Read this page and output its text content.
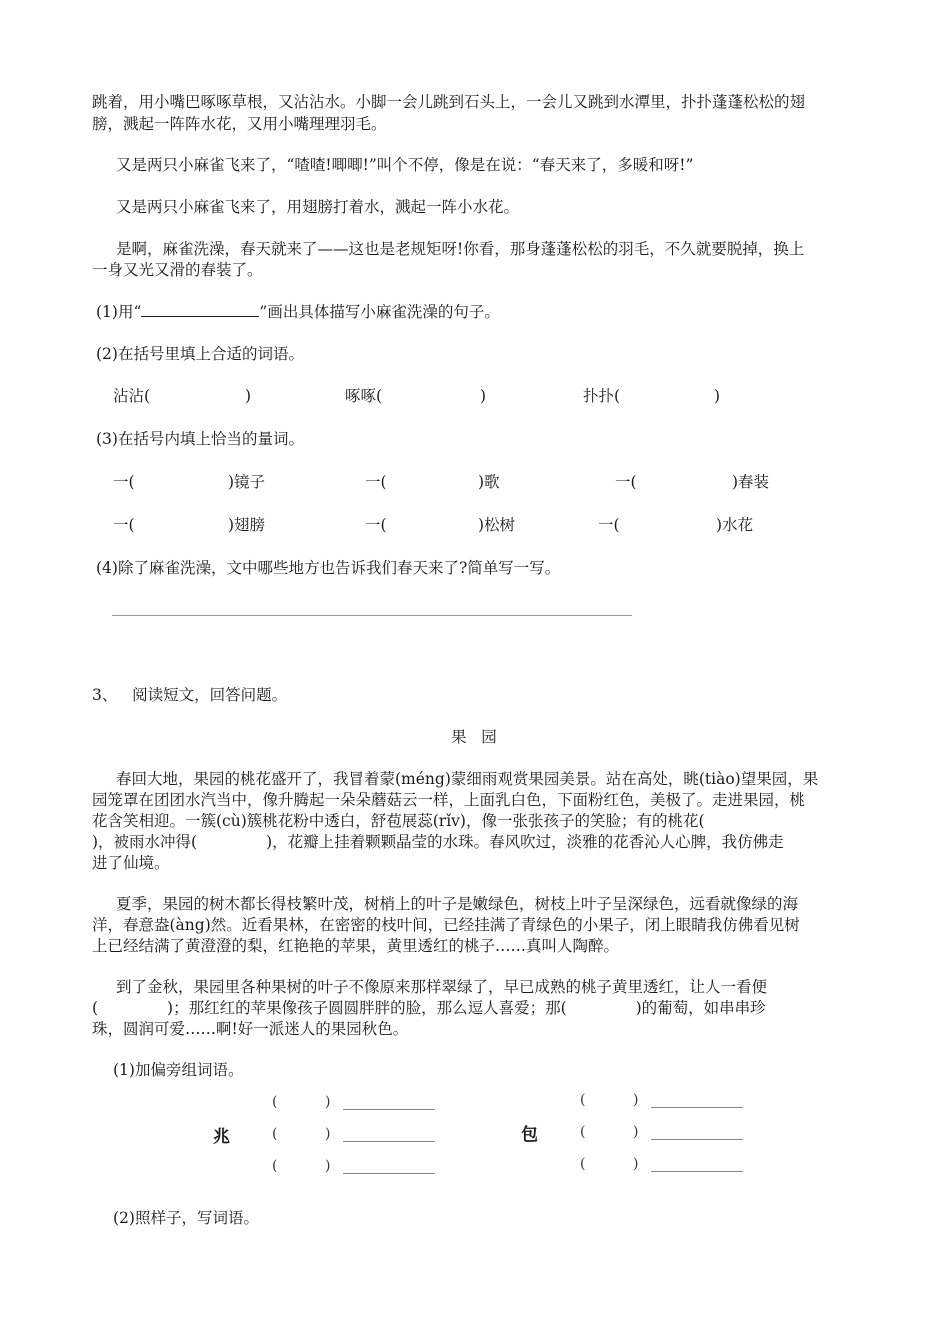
跳着，用小嘴巴啄啄草根，又沾沾水。小脚一会儿跳到石头上，一会儿又跳到水潭里，扑扑蓬蓬松松的翅
膀，溅起一阵阵水花，又用小嘴理理羽毛。
又是两只小麻雀飞来了，“喳喳!唧唧!”叫个不停，像是在说：“春天来了，多暖和呀!”
又是两只小麻雀飞来了，用翅膀打着水，溅起一阵小水花。
是啊，麻雀洗澡，春天就来了——这也是老规矩呀!你看，那身蓬蓬松松的羽毛，不久就要脱掉，换上
一身又光又滑的春装了。
(1)用“	”画出具体描写小麻雀洗澡的句子。
(2)在括号里填上合适的词语。
沾沾(	)	啄啄(	)	扑扑(	)
(3)在括号内填上恰当的量词。
一(	)镜子	一(	)歌	一(	)春装
一(	)翅膀	一(	)松树	一(	)水花
(4)除了麻雀洗澡，文中哪些地方也告诉我们春天来了?简单写一写。
3、   阅读短文，回答问题。
果   园
春回大地，果园的桃花盛开了，我冒着蒙(méng)蒙细雨观赏果园美景。站在高处，眺(tiào)望果园，果
园笼罩在团团水汽当中，像升腾起一朵朵蘑菇云一样，上面乳白色，下面粉红色，美极了。走进果园，桃
花含笑相迎。一簇(cù)簇桃花粉中透白，舒苞展蕊(rǐv)，像一张张孩子的笑脸；有的桃花(
)，被雨水冲得(              )，花瓣上挂着颗颗晶莹的水珠。春风吹过，淡雅的花香沁人心脾，我仿佛走
进了仙境。
夏季，果园的树木都长得枝繁叶茂，树梢上的叶子是嫩绿色，树枝上叶子呈深绿色，远看就像绿的海
洋，春意盎(àng)然。近看果林，在密密的枝叶间，已经挂满了青绿色的小果子，闭上眼睛我仿佛看见树
上已经结满了黄澄澄的梨，红艳艳的苹果，黄里透红的桃子……真叫人陶醉。
到了金秋，果园里各种果树的叶子不像原来那样翠绿了，早已成熟的桃子黄里透红，让人一看便
(              )；那红红的苹果像孩子圆圆胖胖的脸，那么逗人喜爱；那(              )的葡萄，如串串珍
珠，圆润可爱……啊!好一派迷人的果园秋色。
(1)加偏旁组词语。
兆
(	)
(	)
(	)
包
(	)
(	)
(	)
(2)照样子，写词语。
